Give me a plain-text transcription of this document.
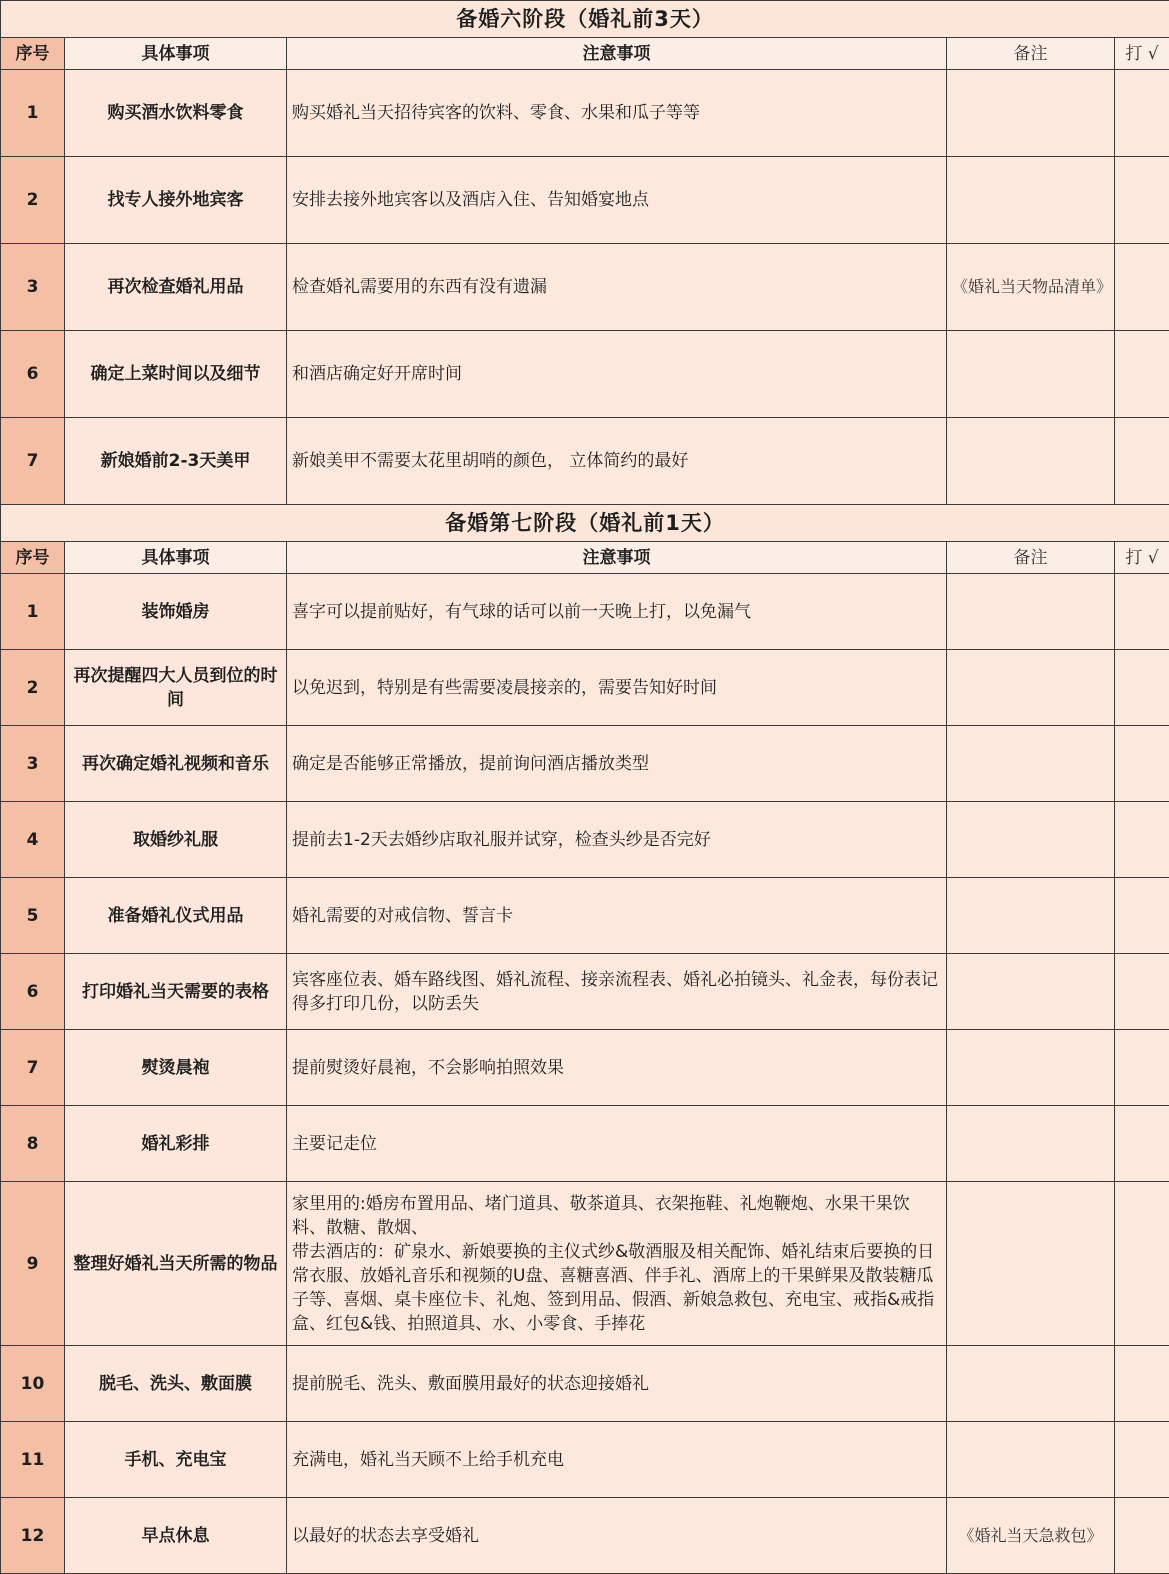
备婚六阶段（婚礼前3天）				
序号	具体事项	注意事项	备注	打 √
1	购买酒水饮料零食	购买婚礼当天招待宾客的饮料、零食、水果和瓜子等等		
2	找专人接外地宾客	安排去接外地宾客以及酒店入住、告知婚宴地点		
3	再次检查婚礼用品	检查婚礼需要用的东西有没有遗漏	《婚礼当天物品清单》	
6	确定上菜时间以及细节	和酒店确定好开席时间		
7	新娘婚前2-3天美甲	新娘美甲不需要太花里胡哨的颜色， 立体简约的最好		
备婚第七阶段（婚礼前1天）				
序号	具体事项	注意事项	备注	打 √
1	装饰婚房	喜字可以提前贴好，有气球的话可以前一天晚上打，以免漏气		
2	再次提醒四大人员到位的时间	以免迟到，特别是有些需要凌晨接亲的，需要告知好时间		
3	再次确定婚礼视频和音乐	确定是否能够正常播放，提前询问酒店播放类型		
4	取婚纱礼服	提前去1-2天去婚纱店取礼服并试穿，检查头纱是否完好		
5	准备婚礼仪式用品	婚礼需要的对戒信物、誓言卡		
6	打印婚礼当天需要的表格	宾客座位表、婚车路线图、婚礼流程、接亲流程表、婚礼必拍镜头、礼金表，每份表记得多打印几份，以防丢失		
7	熨烫晨袍	提前熨烫好晨袍，不会影响拍照效果		
8	婚礼彩排	主要记走位		
9	整理好婚礼当天所需的物品	家里用的:婚房布置用品、堵门道具、敬茶道具、衣架拖鞋、礼炮鞭炮、水果干果饮料、散糖、散烟、

带去酒店的：矿泉水、新娘要换的主仪式纱&敬酒服及相关配饰、婚礼结束后要换的日常衣服、放婚礼音乐和视频的U盘、喜糖喜酒、伴手礼、酒席上的干果鲜果及散装糖瓜子等、喜烟、桌卡座位卡、礼炮、签到用品、假酒、新娘急救包、充电宝、戒指&戒指盒、红包&钱、拍照道具、水、小零食、手捧花		

10	脱毛、洗头、敷面膜	提前脱毛、洗头、敷面膜用最好的状态迎接婚礼		
11	手机、充电宝	充满电，婚礼当天顾不上给手机充电		
12	早点休息	以最好的状态去享受婚礼	《婚礼当天急救包》	
